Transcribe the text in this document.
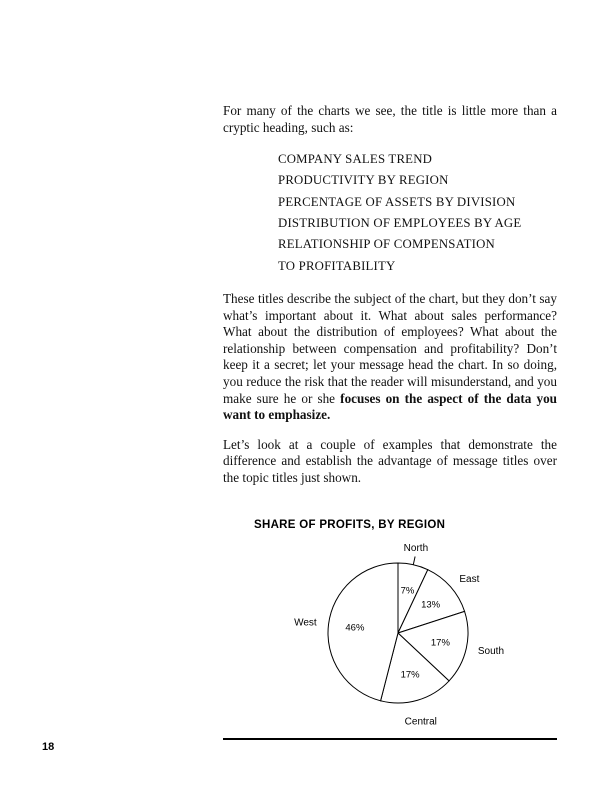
For many of the charts we see, the title is little more than a cryptic heading, such as:

COMPANY SALES TREND
PRODUCTIVITY BY REGION
PERCENTAGE OF ASSETS BY DIVISION
DISTRIBUTION OF EMPLOYEES BY AGE
RELATIONSHIP OF COMPENSATION
TO PROFITABILITY

These titles describe the subject of the chart, but they don’t say what’s important about it. What about sales performance? What about the distribution of employees? What about the relationship between compensation and profitability? Don’t keep it a secret; let your message head the chart. In so doing, you reduce the risk that the reader will misunderstand, and you make sure he or she focuses on the aspect of the data you want to emphasize.

Let’s look at a couple of examples that demonstrate the difference and establish the advantage of message titles over the topic titles just shown.

SHARE OF PROFITS, BY REGION
7%
North
13%
East
17%
South
17%
Central
46%
West
18
